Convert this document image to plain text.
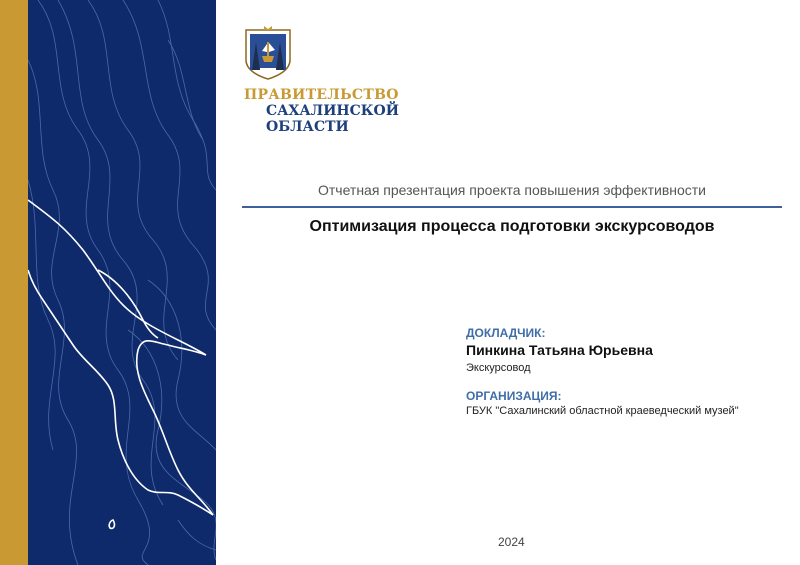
ПРАВИТЕЛЬСТВО
САХАЛИНСКОЙ
ОБЛАСТИ
Отчетная презентация проекта повышения эффективности
Оптимизация процесса подготовки экскурсоводов
ДОКЛАДЧИК:
Пинкина Татьяна Юрьевна
Экскурсовод
ОРГАНИЗАЦИЯ:
ГБУК "Сахалинский областной краеведческий музей"
2024
